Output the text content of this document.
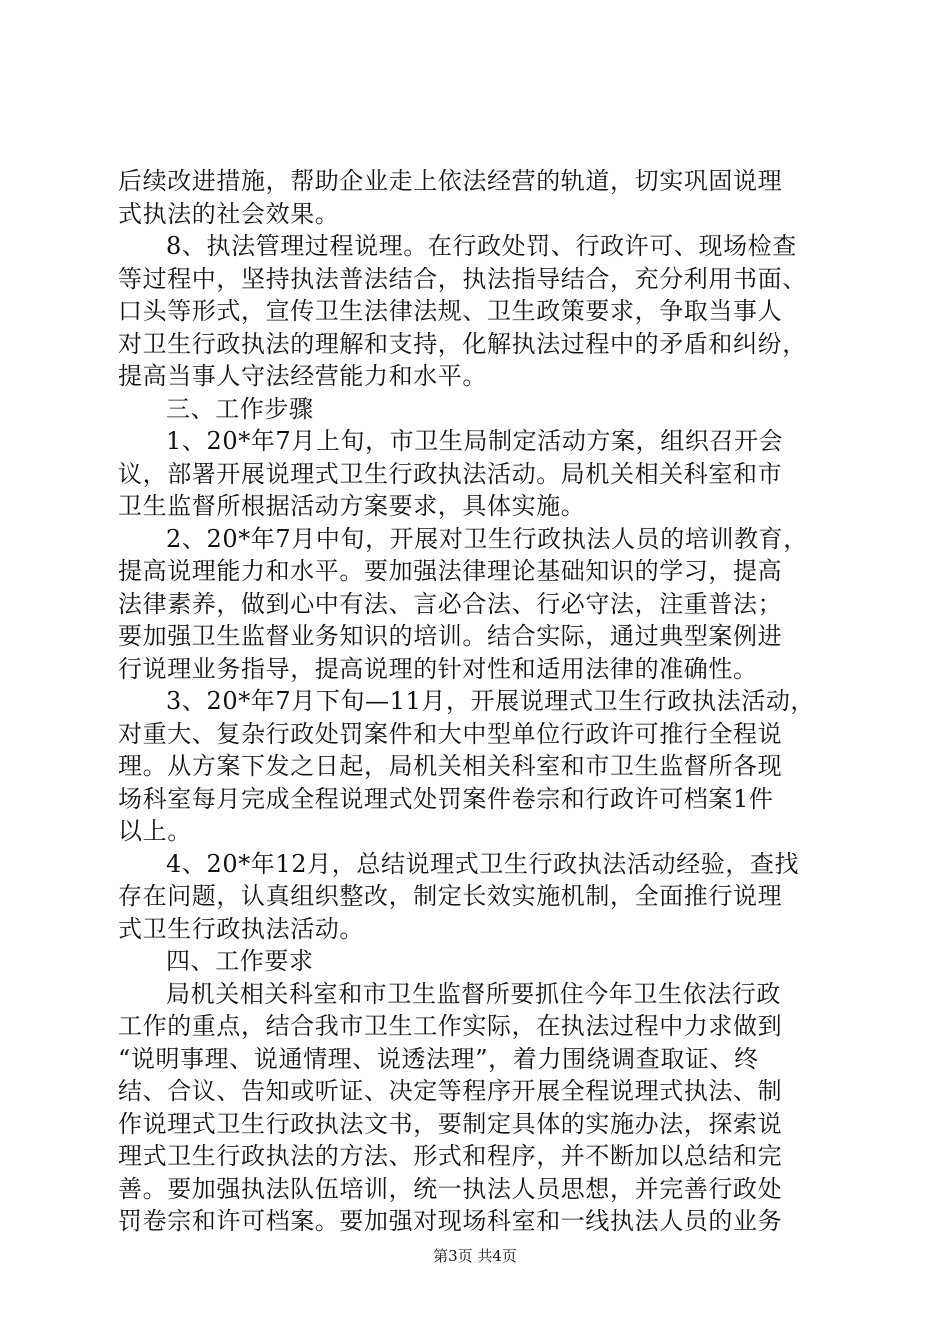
后续改进措施，帮助企业走上依法经营的轨道，切实巩固说理
式执法的社会效果。
8、执法管理过程说理。在行政处罚、行政许可、现场检查
等过程中，坚持执法普法结合，执法指导结合，充分利用书面、
口头等形式，宣传卫生法律法规、卫生政策要求，争取当事人
对卫生行政执法的理解和支持，化解执法过程中的矛盾和纠纷，
提高当事人守法经营能力和水平。
三、工作步骤
1、20*年7月上旬，市卫生局制定活动方案，组织召开会
议，部署开展说理式卫生行政执法活动。局机关相关科室和市
卫生监督所根据活动方案要求，具体实施。
2、20*年7月中旬，开展对卫生行政执法人员的培训教育，
提高说理能力和水平。要加强法律理论基础知识的学习，提高
法律素养，做到心中有法、言必合法、行必守法，注重普法；
要加强卫生监督业务知识的培训。结合实际，通过典型案例进
行说理业务指导，提高说理的针对性和适用法律的准确性。
3、20*年7月下旬—11月，开展说理式卫生行政执法活动，
对重大、复杂行政处罚案件和大中型单位行政许可推行全程说
理。从方案下发之日起，局机关相关科室和市卫生监督所各现
场科室每月完成全程说理式处罚案件卷宗和行政许可档案1件
以上。
4、20*年12月，总结说理式卫生行政执法活动经验，查找
存在问题，认真组织整改，制定长效实施机制，全面推行说理
式卫生行政执法活动。
四、工作要求
局机关相关科室和市卫生监督所要抓住今年卫生依法行政
工作的重点，结合我市卫生工作实际，在执法过程中力求做到
“说明事理、说通情理、说透法理”，着力围绕调查取证、终
结、合议、告知或听证、决定等程序开展全程说理式执法、制
作说理式卫生行政执法文书，要制定具体的实施办法，探索说
理式卫生行政执法的方法、形式和程序，并不断加以总结和完
善。要加强执法队伍培训，统一执法人员思想，并完善行政处
罚卷宗和许可档案。要加强对现场科室和一线执法人员的业务
第3页 共4页
